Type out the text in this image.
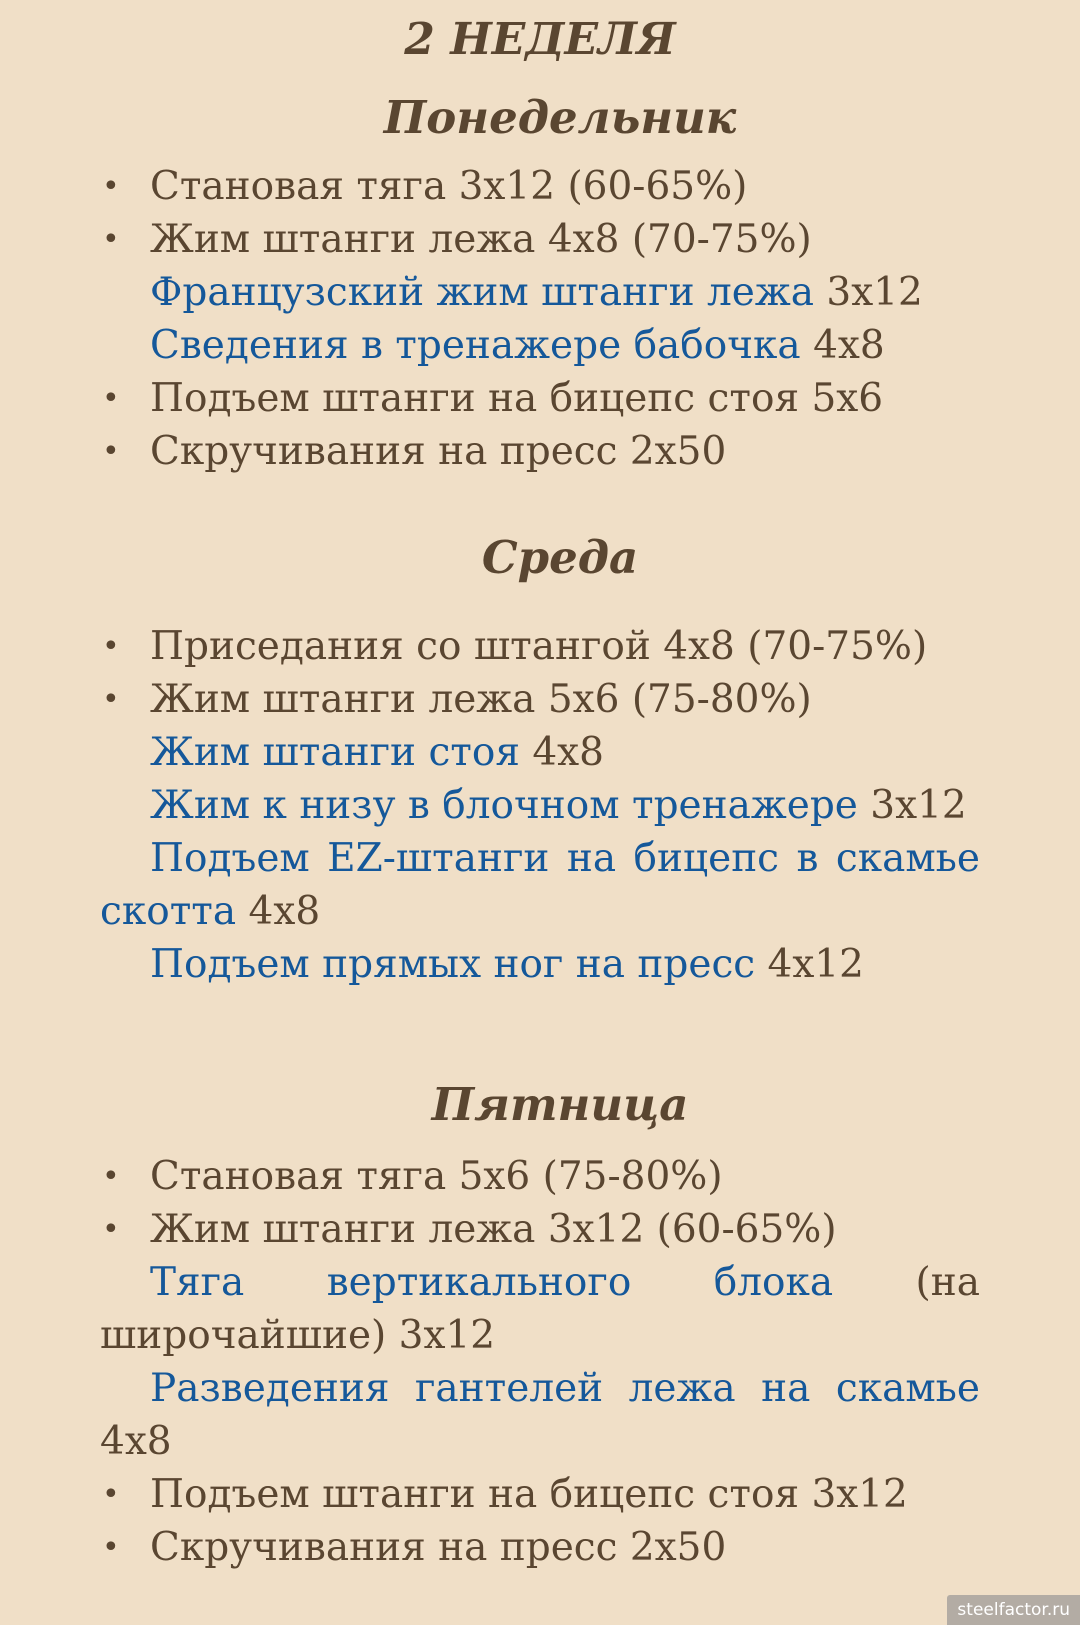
2 НЕДЕЛЯ
Понедельник
• Становая тяга 3х12 (60-65%)
• Жим штанги лежа 4х8 (70-75%)
Французский жим штанги лежа 3х12
Сведения в тренажере бабочка 4х8
• Подъем штанги на бицепс стоя 5х6
• Скручивания на пресс 2х50
Среда
• Приседания со штангой 4х8 (70-75%)
• Жим штанги лежа 5х6 (75-80%)
Жим штанги стоя 4х8
Жим к низу в блочном тренажере 3х12
Подъем EZ-штанги на бицепс в скамье скотта 4х8
Подъем прямых ног на пресс 4х12
Пятница
• Становая тяга 5х6 (75-80%)
• Жим штанги лежа 3х12 (60-65%)
Тяга вертикального блока (на широчайшие) 3х12
Разведения гантелей лежа на скамье 4х8
• Подъем штанги на бицепс стоя 3х12
• Скручивания на пресс 2х50
steelfactor.ru
